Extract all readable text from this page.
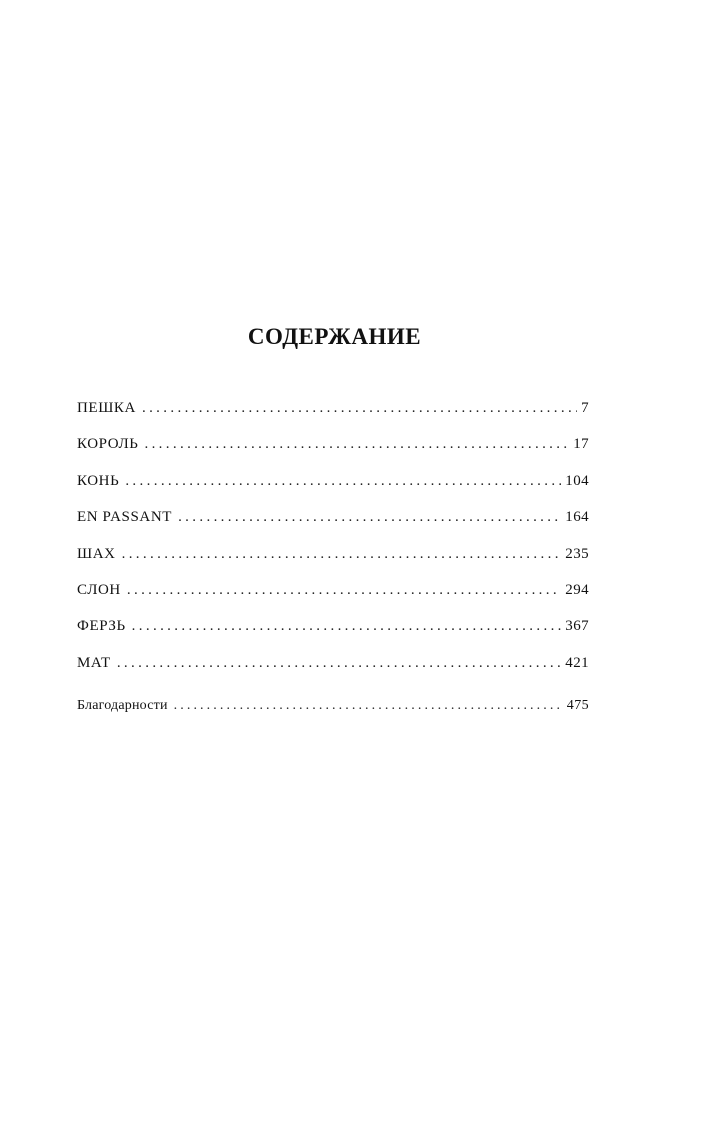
СОДЕРЖАНИЕ
ПЕШКА . . .	7
КОРОЛЬ . . .	17
КОНЬ . . .	104
EN PASSANT . . .	164
ШАХ . . .	235
СЛОН . . .	294
ФЕРЗЬ . . .	367
МАТ . . .	421
Благодарности . . .	475
